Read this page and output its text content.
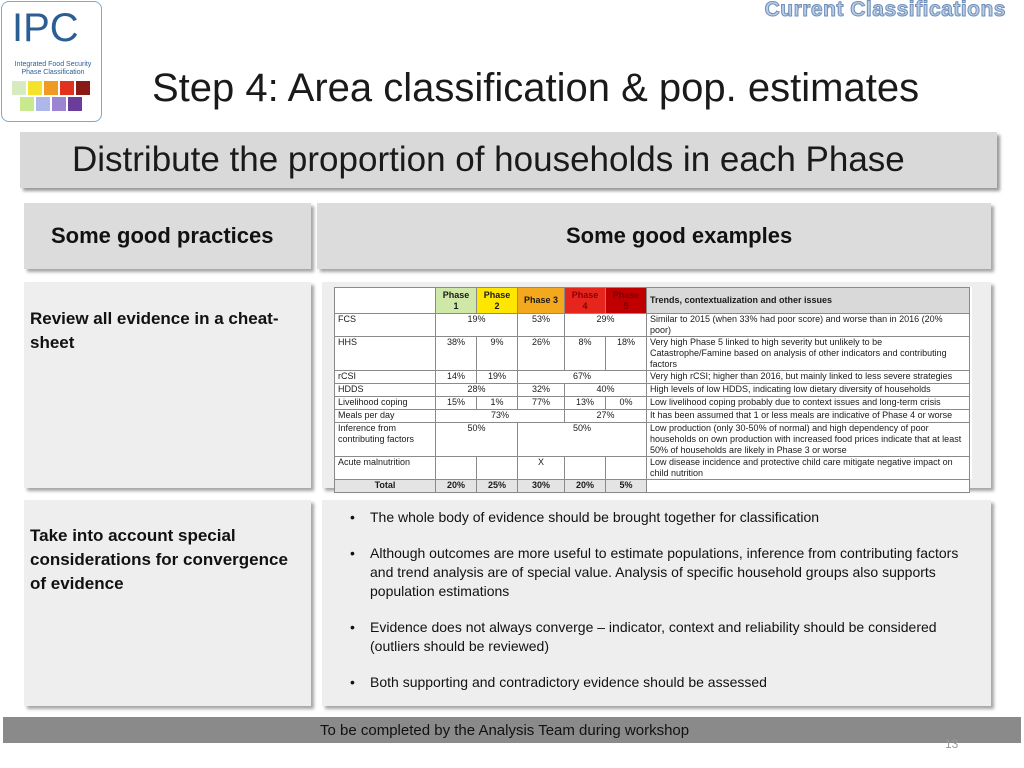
IPC
Integrated Food Security Phase Classification
Current Classifications
Step 4: Area classification & pop. estimates
Distribute the proportion of households in each Phase
Some good practices	Some good examples
Review all evidence in a cheat-sheet
	Phase 1	Phase 2	Phase 3	Phase 4	Phase 5	Trends, contextualization and other issues
FCS	19%		53%	29%		Similar to 2015 (when 33% had poor score) and worse than in 2016 (20% poor)
HHS	38%	9%	26%	8%	18%	Very high Phase 5 linked to high severity but unlikely to be Catastrophe/Famine based on analysis of other indicators and contributing factors
rCSI	14%	19%	67%			Very high rCSI; higher than 2016, but mainly linked to less severe strategies
HDDS	28%		32%	40%		High levels of low HDDS, indicating low dietary diversity of households
Livelihood coping	15%	1%	77%	13%	0%	Low livelihood coping probably due to context issues and long-term crisis
Meals per day	73%			27%		It has been assumed that 1 or less meals are indicative of Phase 4 or worse
Inference from contributing factors	50%		50%			Low production (only 30-50% of normal) and high dependency of poor households on own production with increased food prices indicate that at least 50% of households are likely in Phase 3 or worse
Acute malnutrition			X			Low disease incidence and protective child care mitigate negative impact on child nutrition
Total	20%	25%	30%	20%	5%	
Take into account special considerations for convergence of evidence
• The whole body of evidence should be brought together for classification
• Although outcomes are more useful to estimate populations, inference from contributing factors and trend analysis are of special value. Analysis of specific household groups also supports population estimations
• Evidence does not always converge – indicator, context and reliability should be considered (outliers should be reviewed)
• Both supporting and contradictory evidence should be assessed
To be completed by the Analysis Team during workshop
13
